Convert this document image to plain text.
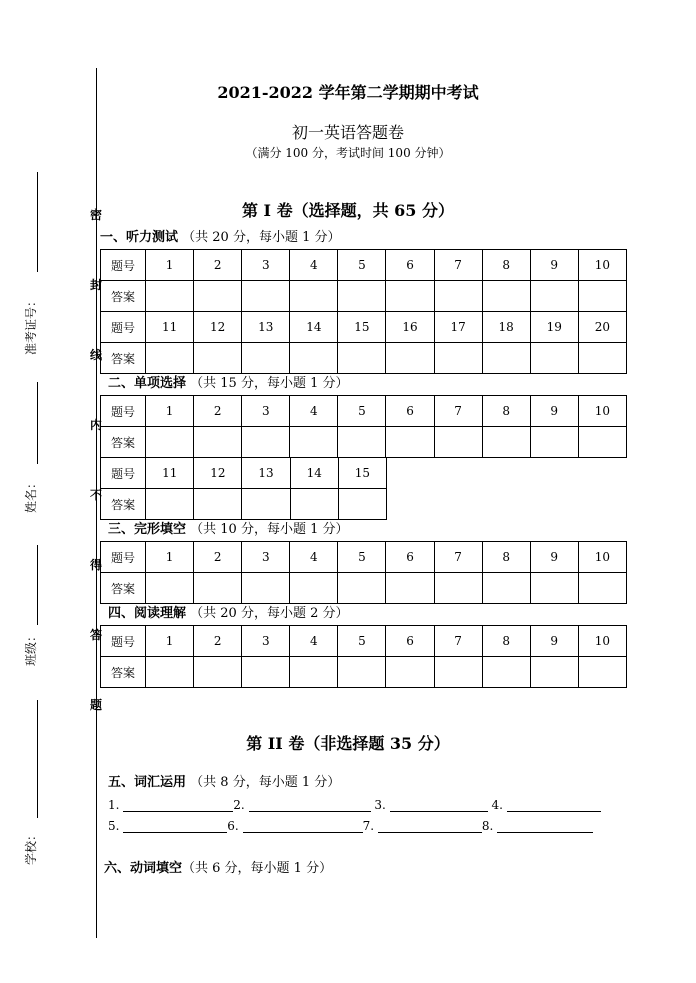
密
封
线
内
不
得
答
题
准考证号：
姓名：
班级：
学校：
2021-2022 学年第二学期期中考试
初一英语答题卷
（满分 100 分，考试时间 100 分钟）
第 I 卷（选择题，共 65 分）
一、听力测试 （共 20 分，每小题 1 分）
题号	1	2	3	4	5	6	7	8	9	10
答案										
题号	11	12	13	14	15	16	17	18	19	20
答案										
二、单项选择 （共 15 分，每小题 1 分）
题号	1	2	3	4	5	6	7	8	9	10
答案										
题号	11	12	13	14	15
答案					
三、完形填空 （共 10 分，每小题 1 分）
题号	1	2	3	4	5	6	7	8	9	10
答案										
四、阅读理解 （共 20 分，每小题 2 分）
题号	1	2	3	4	5	6	7	8	9	10
答案										
第 II 卷（非选择题 35 分）
五、词汇运用 （共 8 分，每小题 1 分）
1.	2.	3.	4.
5.	6.	7.	8.
六、动词填空（共 6 分，每小题 1 分）
